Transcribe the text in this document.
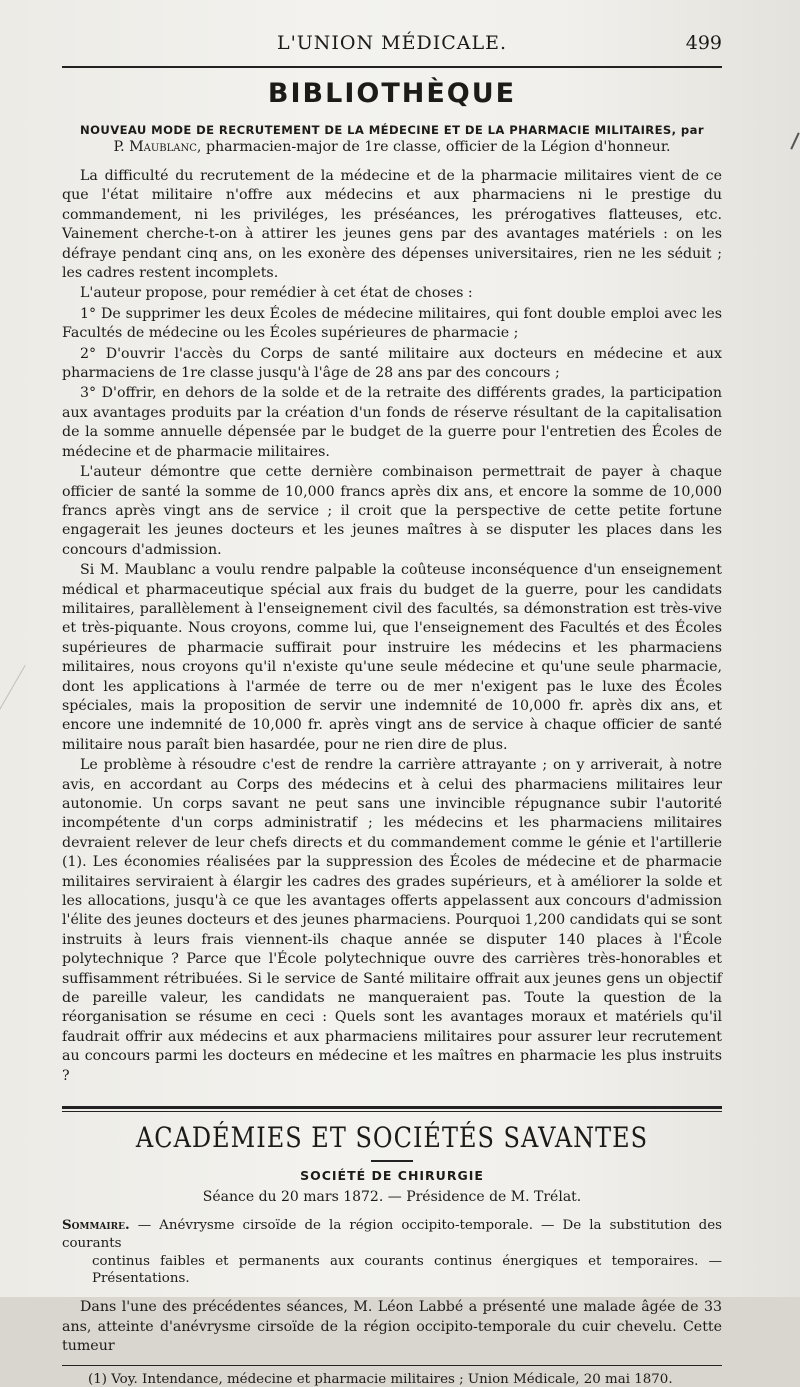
L'UNION MÉDICALE.	499
BIBLIOTHÈQUE
NOUVEAU MODE DE RECRUTEMENT DE LA MÉDECINE ET DE LA PHARMACIE MILITAIRES, par
P. Maublanc, pharmacien-major de 1re classe, officier de la Légion d'honneur.

La difficulté du recrutement de la médecine et de la pharmacie militaires vient de ce que l'état militaire n'offre aux médecins et aux pharmaciens ni le prestige du commandement, ni les priviléges, les préséances, les prérogatives flatteuses, etc. Vainement cherche-t-on à attirer les jeunes gens par des avantages matériels : on les défraye pendant cinq ans, on les exonère des dépenses universitaires, rien ne les séduit ; les cadres restent incomplets.

L'auteur propose, pour remédier à cet état de choses :

1° De supprimer les deux Écoles de médecine militaires, qui font double emploi avec les Facultés de médecine ou les Écoles supérieures de pharmacie ;

2° D'ouvrir l'accès du Corps de santé militaire aux docteurs en médecine et aux pharmaciens de 1re classe jusqu'à l'âge de 28 ans par des concours ;

3° D'offrir, en dehors de la solde et de la retraite des différents grades, la participation aux avantages produits par la création d'un fonds de réserve résultant de la capitalisation de la somme annuelle dépensée par le budget de la guerre pour l'entretien des Écoles de médecine et de pharmacie militaires.

L'auteur démontre que cette dernière combinaison permettrait de payer à chaque officier de santé la somme de 10,000 francs après dix ans, et encore la somme de 10,000 francs après vingt ans de service ; il croit que la perspective de cette petite fortune engagerait les jeunes docteurs et les jeunes maîtres à se disputer les places dans les concours d'admission.

Si M. Maublanc a voulu rendre palpable la coûteuse inconséquence d'un enseignement médical et pharmaceutique spécial aux frais du budget de la guerre, pour les candidats militaires, parallèlement à l'enseignement civil des facultés, sa démonstration est très-vive et très-piquante. Nous croyons, comme lui, que l'enseignement des Facultés et des Écoles supérieures de pharmacie suffirait pour instruire les médecins et les pharmaciens militaires, nous croyons qu'il n'existe qu'une seule médecine et qu'une seule pharmacie, dont les applications à l'armée de terre ou de mer n'exigent pas le luxe des Écoles spéciales, mais la proposition de servir une indemnité de 10,000 fr. après dix ans, et encore une indemnité de 10,000 fr. après vingt ans de service à chaque officier de santé militaire nous paraît bien hasardée, pour ne rien dire de plus.

Le problème à résoudre c'est de rendre la carrière attrayante ; on y arriverait, à notre avis, en accordant au Corps des médecins et à celui des pharmaciens militaires leur autonomie. Un corps savant ne peut sans une invincible répugnance subir l'autorité incompétente d'un corps administratif ; les médecins et les pharmaciens militaires devraient relever de leur chefs directs et du commandement comme le génie et l'artillerie (1). Les économies réalisées par la suppression des Écoles de médecine et de pharmacie militaires serviraient à élargir les cadres des grades supérieurs, et à améliorer la solde et les allocations, jusqu'à ce que les avantages offerts appelassent aux concours d'admission l'élite des jeunes docteurs et des jeunes pharmaciens. Pourquoi 1,200 candidats qui se sont instruits à leurs frais viennent-ils chaque année se disputer 140 places à l'École polytechnique ? Parce que l'École polytechnique ouvre des carrières très-honorables et suffisamment rétribuées. Si le service de Santé militaire offrait aux jeunes gens un objectif de pareille valeur, les candidats ne manqueraient pas. Toute la question de la réorganisation se résume en ceci : Quels sont les avantages moraux et matériels qu'il faudrait offrir aux médecins et aux pharmaciens militaires pour assurer leur recrutement au concours parmi les docteurs en médecine et les maîtres en pharmacie les plus instruits ?

ACADÉMIES ET SOCIÉTÉS SAVANTES
SOCIÉTÉ DE CHIRURGIE
Séance du 20 mars 1872. — Présidence de M. Trélat.
Sommaire. — Anévrysme cirsoïde de la région occipito-temporale. — De la substitution des courants
continus faibles et permanents aux courants continus énergiques et temporaires. — Présentations.

Dans l'une des précédentes séances, M. Léon Labbé a présenté une malade âgée de 33 ans, atteinte d'anévrysme cirsoïde de la région occipito-temporale du cuir chevelu. Cette tumeur

(1) Voy. Intendance, médecine et pharmacie militaires ; Union Médicale, 20 mai 1870.
